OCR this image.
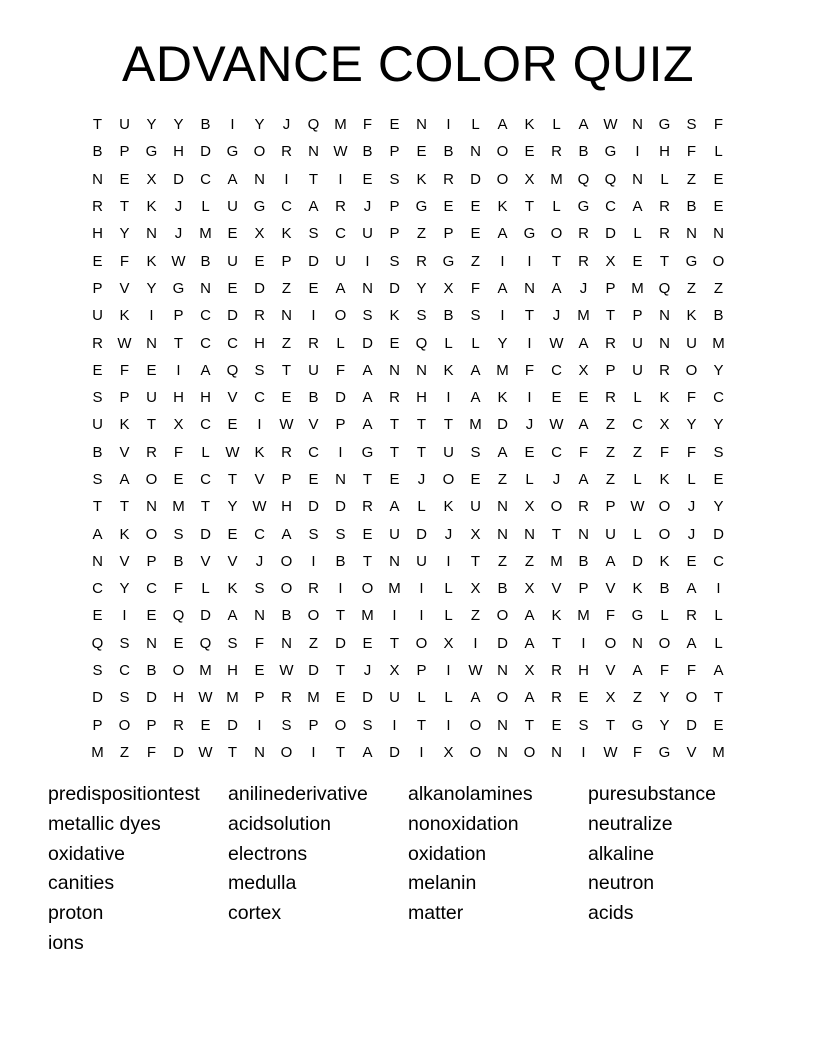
ADVANCE COLOR QUIZ
T	U	Y	Y	B	I	Y	J	Q M	F	E	N	I	L	A	K	L	A W N	G	S	F
B	P	G	H	D	G	O	R	N W B	P	E	B	N	O	E	R	B	G	I	H	F	L
N	E	X	D	C	A	N	I	T	I	E	S	K	R	D	O	X	M Q	Q	N	L	Z	E
R	T	K	J	L	U	G	C	A	R	J	P	G	E	E	K	T	L	G	C	A	R	B	E
H	Y	N	J	M	E	X	K	S	C	U	P	Z	P	E	A	G	O	R	D	L	R	N	N
E	F	K W B	U	E	P	D	U	I	S	R	G	Z	I	I	T	R	X	E	T	G	O
P	V	Y	G	N	E	D	Z	E	A	N	D	Y	X	F	A	N	A	J	P	M Q	Z	Z
U	K	I	P	C	D	R	N	I	O	S	K	S	B	S	I	T	J	M	T	P	N	K	B
R W N	T	C	C	H	Z	R	L	D	E	Q	L	L	Y	I	W A	R	U	N	U	M
E	F	E	I	A	Q	S	T	U	F	A	N	N	K	A	M	F	C	X	P	U	R	O	Y
S	P	U	H	H	V	C	E	B	D	A	R	H	I	A	K	I	E	E	R	L	K	F	C
U	K	T	X	C	E	I	W V	P	A	T	T	T	M	D	J	W A	Z	C	X	Y	Y
B	V	R	F	L	W K	R	C	I	G	T	T	U	S	A	E	C	F	Z	Z	F	F	S
S	A	O	E	C	T	V	P	E	N	T	E	J	O	E	Z	L	J	A	Z	L	K	L	E
T	T	N	M	T	Y W H	D	D	R	A	L	K	U	N	X	O	R	P W O	J	Y
A	K	O	S	D	E	C	A	S	S	E	U	D	J	X	N	N	T	N	U	L	O	J	D
N	V	P	B	V	V	J	O	I	B	T	N	U	I	T	Z	Z	M	B	A	D	K	E	C
C	Y	C	F	L	K	S	O	R	I	O M	I	L	X	B	X	V	P	V	K	B	A	I
E	I	E	Q	D	A	N	B	O	T	M	I	I	L	Z	O	A	K	M	F	G	L	R	L
Q	S	N	E	Q	S	F	N	Z	D	E	T	O	X	I	D	A	T	I	O	N	O	A	L
S	C	B	O M	H	E W D	T	J	X	P	I	W N	X	R	H	V	A	F	F	A
D	S	D	H W M	P	R	M	E	D	U	L	L	A	O	A	R	E	X	Z	Y	O	T
P	O	P	R	E	D	I	S	P	O	S	I	T	I	O	N	T	E	S	T	G	Y	D	E
M	Z	F	D W	T	N	O	I	T	A	D	I	X	O	N	O	N	I	W	F	G	V	M
predispositiontest	anilinederivative	alkanolamines	puresubstance
metallic dyes	acidsolution	nonoxidation	neutralize
oxidative	electrons	oxidation	alkaline
canities	medulla	melanin	neutron
proton	cortex	matter	acids
ions
